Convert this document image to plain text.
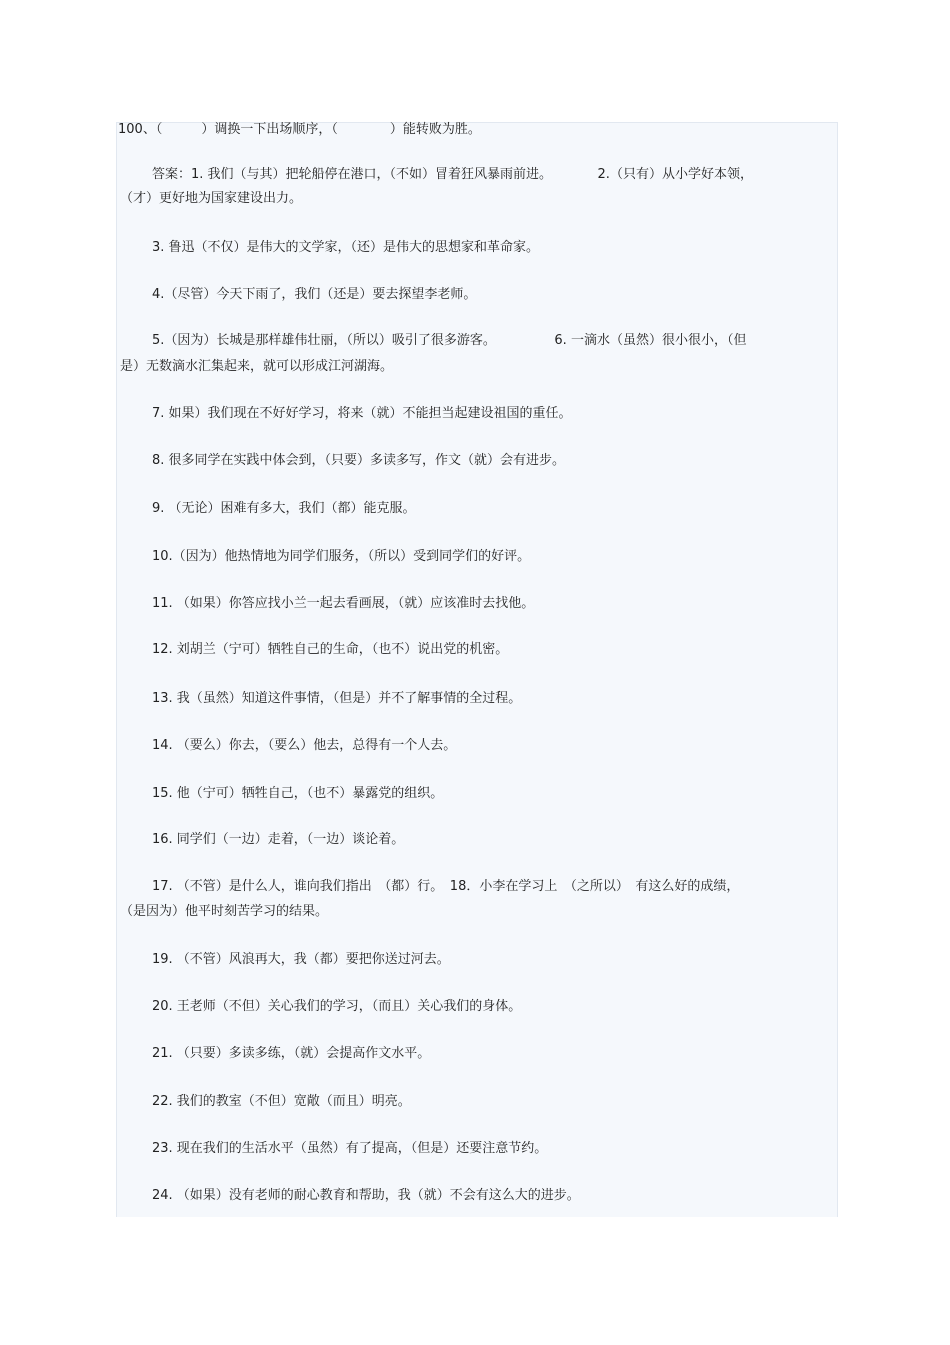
100、（　　　）调换一下出场顺序，（　　　　）能转败为胜。
答案：1. 我们（与其）把轮船停在港口，（不如）冒着狂风暴雨前进。　　　　2.（只有）从小学好本领，
（才）更好地为国家建设出力。
3. 鲁迅（不仅）是伟大的文学家，（还）是伟大的思想家和革命家。
4.（尽管）今天下雨了，我们（还是）要去探望李老师。
5.（因为）长城是那样雄伟壮丽，（所以）吸引了很多游客。　　　　　6. 一滴水（虽然）很小很小，（但
是）无数滴水汇集起来，就可以形成江河湖海。
7. 如果）我们现在不好好学习，将来（就）不能担当起建设祖国的重任。
8. 很多同学在实践中体会到，（只要）多读多写，作文（就）会有进步。
9. （无论）困难有多大，我们（都）能克服。
10.（因为）他热情地为同学们服务，（所以）受到同学们的好评。
11. （如果）你答应找小兰一起去看画展，（就）应该准时去找他。
12. 刘胡兰（宁可）牺牲自己的生命，（也不）说出党的机密。
13. 我（虽然）知道这件事情，（但是）并不了解事情的全过程。
14. （要么）你去，（要么）他去，总得有一个人去。
15. 他（宁可）牺牲自己，（也不）暴露党的组织。
16. 同学们（一边）走着，（一边）谈论着。
17. （不管）是什么人，谁向我们指出　（都）行。　18．小李在学习上　（之所以）　有这么好的成绩，
（是因为）他平时刻苦学习的结果。
19. （不管）风浪再大，我（都）要把你送过河去。
20. 王老师（不但）关心我们的学习，（而且）关心我们的身体。
21. （只要）多读多练，（就）会提高作文水平。
22. 我们的教室（不但）宽敞（而且）明亮。
23. 现在我们的生活水平（虽然）有了提高，（但是）还要注意节约。
24. （如果）没有老师的耐心教育和帮助，我（就）不会有这么大的进步。
